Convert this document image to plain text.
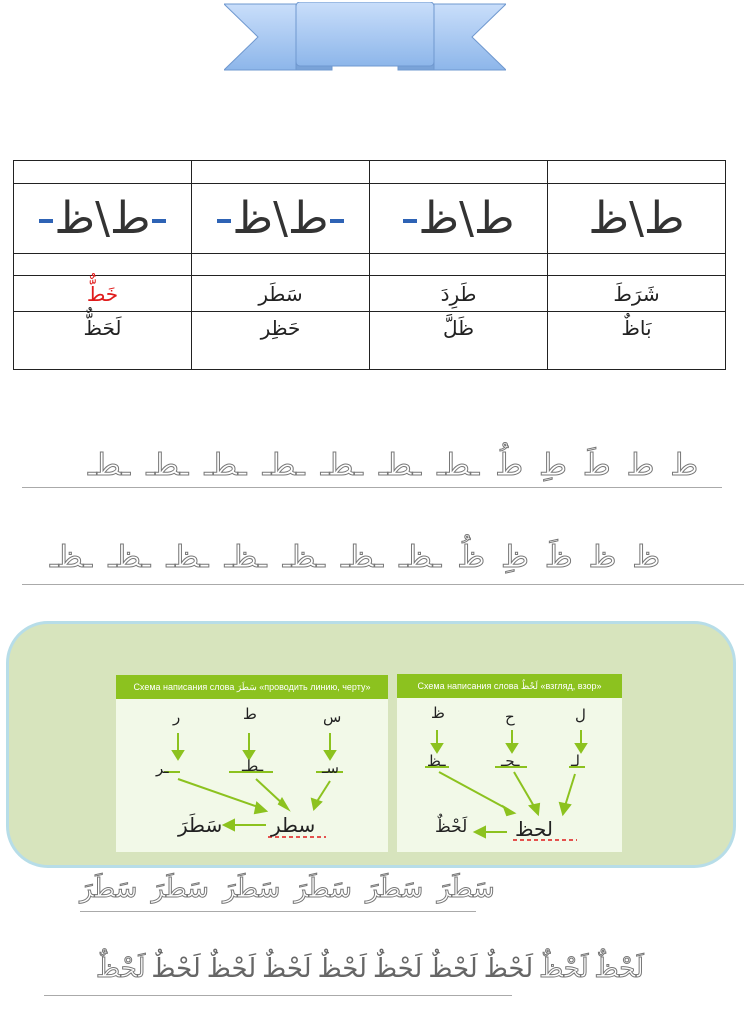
ط\ظ	ط\ظ	ط\ظ	ط\ظ

خَطٌّ	سَطَر	طَرِدَ	شَرَطَ
لَحَظٌّ	حَظِر	ظَلَّ	بَاظٌ
ـطـ ـطـ ـطـ ـطـ ـطـ ـطـ ـطـ طُ طِ طَ ط ط
ـظـ ـظـ ـظـ ـظـ ـظـ ـظـ ـظـ ظُ ظِ ظَ ظ ظ
Схема написания слова سَطَرَ «проводить линию, черту»
ر	ط	س
ـر	ـطـ	سـ
سطر
سَطَرَ
Схема написания слова لَحْظٌ «взгляд, взор»
ظ	ح	ل
ـظ	ـحـ	لـ
لحظ
لَحْظٌ
سَطَرَ سَطَرَ سَطَرَ سَطَرَ سَطَرَ سَطَرَ
لَحْظٌ لَحْظٌ لَحْظٌ لَحْظٌ لَحْظٌ لَحْظٌ لَحْظٌ لَحْظٌ لَحْظٌ لَحْظٌ
